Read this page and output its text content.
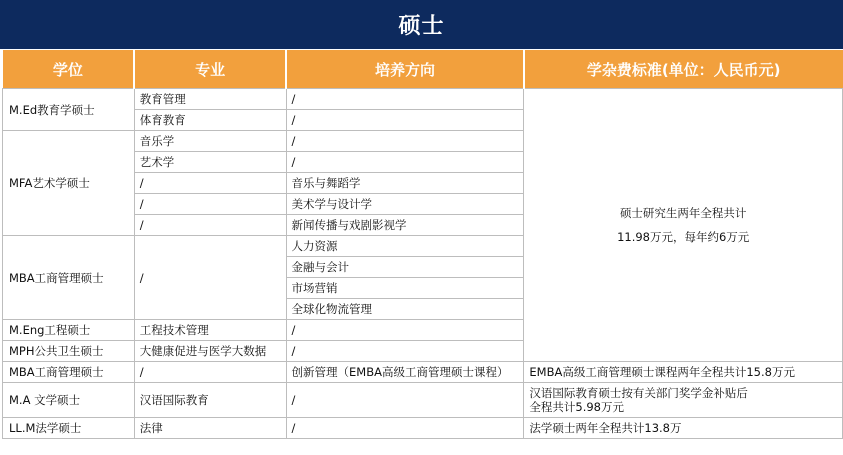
硕士
学位	专业	培养方向	学杂费标准(单位：人民币元)
M.Ed教育学硕士	教育管理	/	硕士研究生两年全程共计
11.98万元，每年约6万元

	体育教育	/	
MFA艺术学硕士	音乐学	/	
	艺术学	/	
	/	音乐与舞蹈学	
	/	美术学与设计学	
	/	新闻传播与戏剧影视学	
MBA工商管理硕士	/	人力资源	
		金融与会计	
		市场营销	
		全球化物流管理	
M.Eng工程硕士	工程技术管理	/	
MPH公共卫生硕士	大健康促进与医学大数据	/	
MBA工商管理硕士	/	创新管理（EMBA高级工商管理硕士课程）	EMBA高级工商管理硕士课程两年全程共计15.8万元
M.A 文学硕士	汉语国际教育	/	汉语国际教育硕士按有关部门奖学金补贴后
全程共计5.98万元

LL.M法学硕士	法律	/	法学硕士两年全程共计13.8万
